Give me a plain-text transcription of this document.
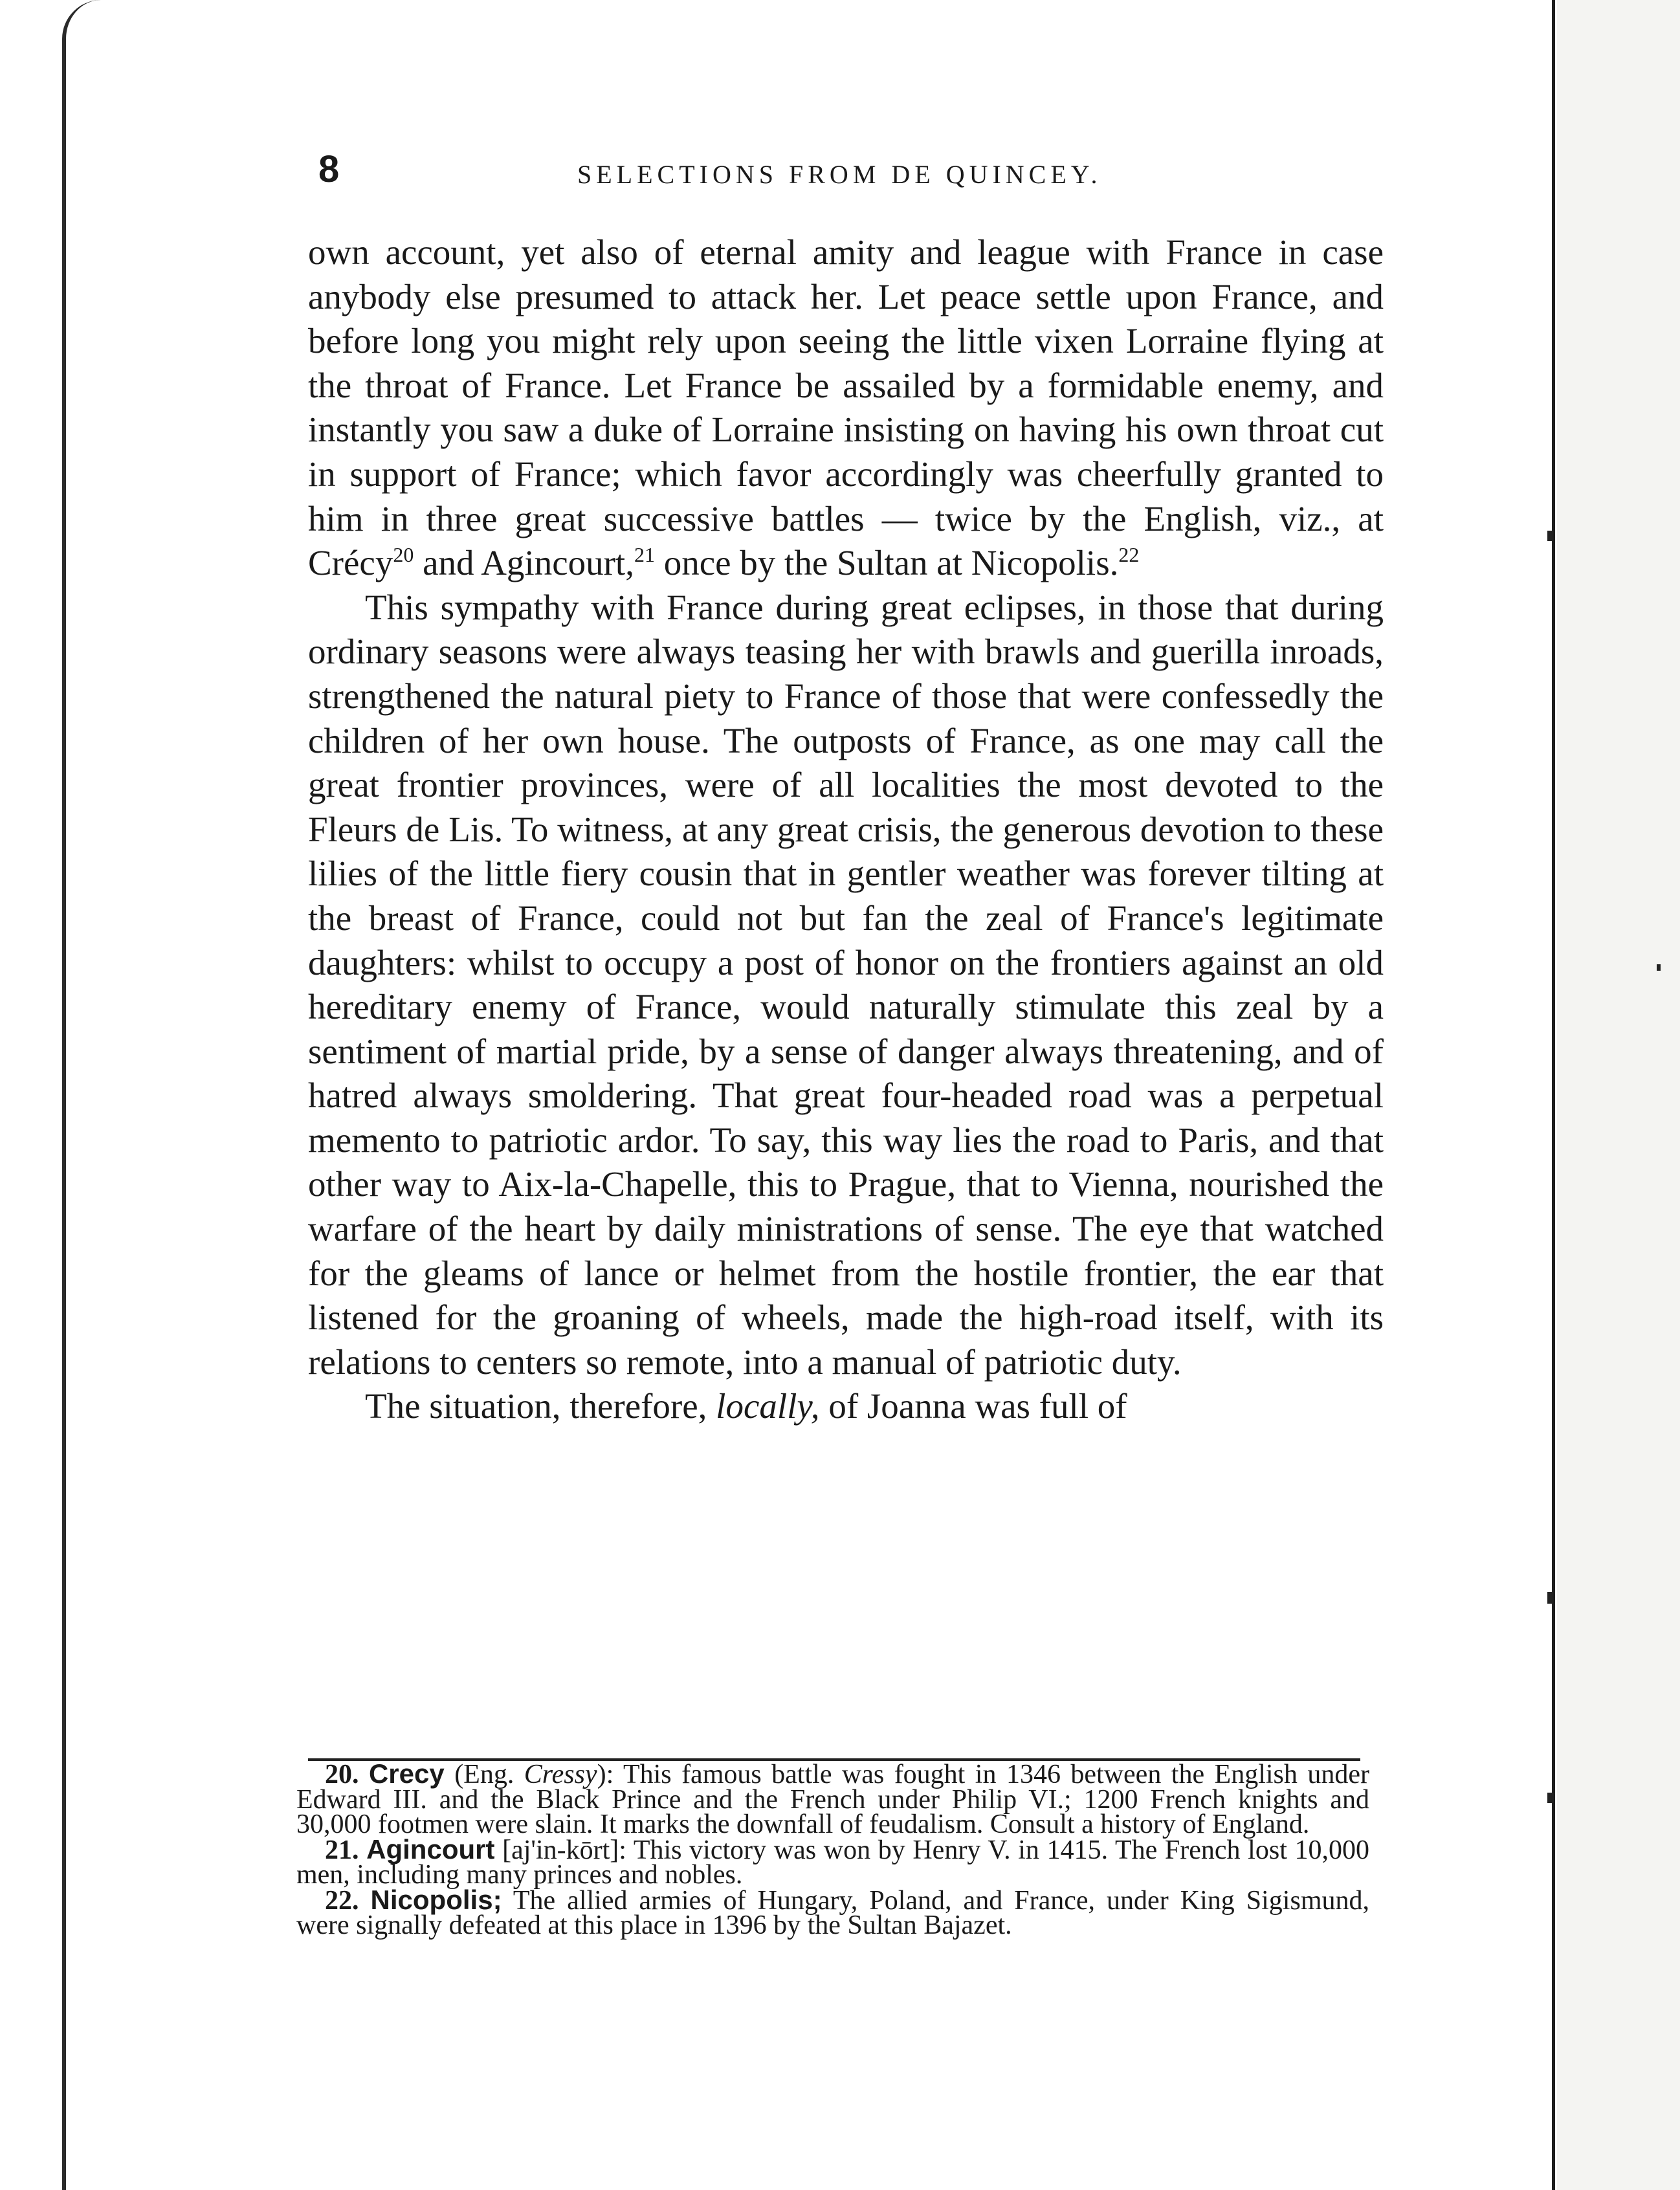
8	SELECTIONS FROM DE QUINCEY.

own account, yet also of eternal amity and league with France in case anybody else presumed to attack her. Let peace settle upon France, and before long you might rely upon seeing the little vixen Lorraine flying at the throat of France. Let France be assailed by a formidable enemy, and instantly you saw a duke of Lorraine insisting on having his own throat cut in support of France; which favor accordingly was cheerfully granted to him in three great successive battles — twice by the English, viz., at Crécy$^{20}$ and Agincourt,$^{21}$ once by the Sultan at Nicopolis.$^{22}$

This sympathy with France during great eclipses, in those that during ordinary seasons were always teasing her with brawls and guerilla inroads, strengthened the natural piety to France of those that were confessedly the children of her own house. The outposts of France, as one may call the great frontier provinces, were of all localities the most devoted to the Fleurs de Lis. To witness, at any great crisis, the generous devotion to these lilies of the little fiery cousin that in gentler weather was forever tilting at the breast of France, could not but fan the zeal of France's legitimate daughters: whilst to occupy a post of honor on the frontiers against an old hereditary enemy of France, would naturally stimulate this zeal by a sentiment of martial pride, by a sense of danger always threatening, and of hatred always smoldering. That great four-headed road was a perpetual memento to patriotic ardor. To say, this way lies the road to Paris, and that other way to Aix-la-Chapelle, this to Prague, that to Vienna, nourished the warfare of the heart by daily ministrations of sense. The eye that watched for the gleams of lance or helmet from the hostile frontier, the ear that listened for the groaning of wheels, made the high-road itself, with its relations to centers so remote, into a manual of patriotic duty.

The situation, therefore, locally, of Joanna was full of

20. Crecy (Eng. Cressy): This famous battle was fought in 1346 between the English under Edward III. and the Black Prince and the French under Philip VI.; 1200 French knights and 30,000 footmen were slain. It marks the downfall of feudalism. Consult a history of England.

21. Agincourt [aj'in-kōrt]: This victory was won by Henry V. in 1415. The French lost 10,000 men, including many princes and nobles.

22. Nicopolis; The allied armies of Hungary, Poland, and France, under King Sigismund, were signally defeated at this place in 1396 by the Sultan Bajazet.
